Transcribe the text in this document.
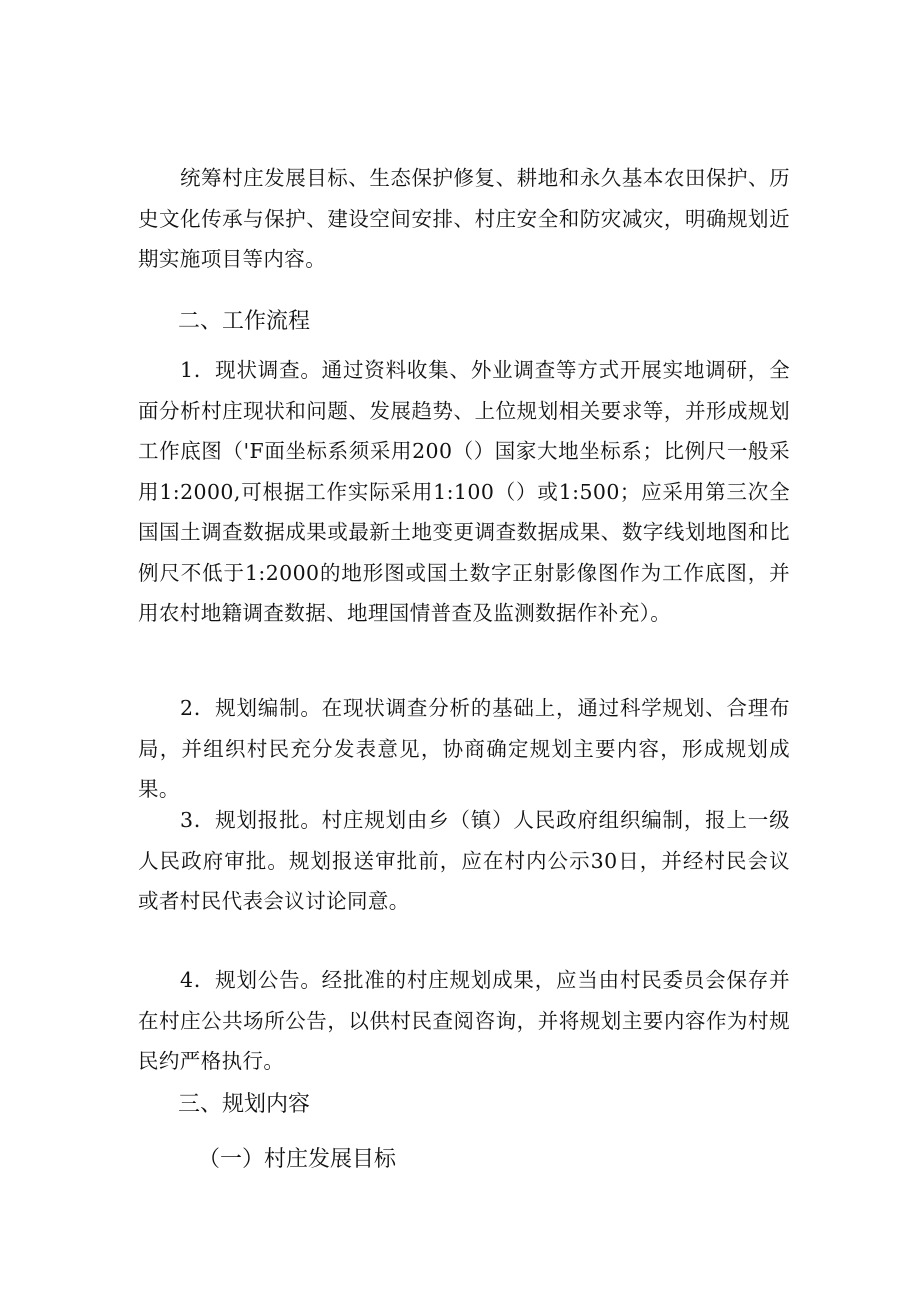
统筹村庄发展目标、生态保护修复、耕地和永久基本农田保护、历史文化传承与保护、建设空间安排、村庄安全和防灾减灾，明确规划近期实施项目等内容。

二、工作流程

1．现状调查。通过资料收集、外业调查等方式开展实地调研，全面分析村庄现状和问题、发展趋势、上位规划相关要求等，并形成规划工作底图（'F面坐标系须采用200（）国家大地坐标系；比例尺一般采用1:2000,可根据工作实际采用1:100（）或1:500；应采用第三次全国国土调查数据成果或最新土地变更调查数据成果、数字线划地图和比例尺不低于1:2000的地形图或国土数字正射影像图作为工作底图，并用农村地籍调査数据、地理国情普查及监测数据作补充）。

2．规划编制。在现状调查分析的基础上，通过科学规划、合理布局，并组织村民充分发表意见，协商确定规划主要内容，形成规划成果。

3．规划报批。村庄规划由乡（镇）人民政府组织编制，报上一级人民政府审批。规划报送审批前，应在村内公示30日，并经村民会议或者村民代表会议讨论同意。

4．规划公告。经批准的村庄规划成果，应当由村民委员会保存并在村庄公共场所公告，以供村民查阅咨询，并将规划主要内容作为村规民约严格执行。

三、规划内容
（一）村庄发展目标
